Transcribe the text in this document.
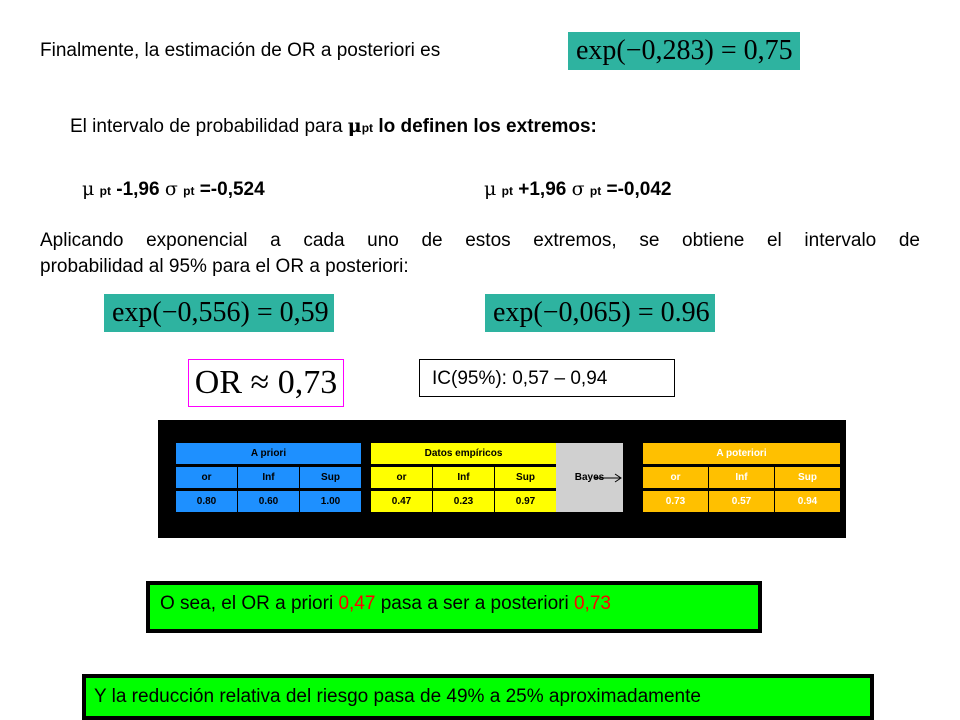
Finalmente, la estimación de OR a posteriori es	exp(−0,283) = 0,75
El intervalo de probabilidad para μpt lo definen los extremos:
μ pt -1,96 σ pt =-0,524	μ pt +1,96 σ pt =-0,042
Aplicando exponencial a cada uno de estos extremos, se obtiene el intervalo de
probabilidad al 95% para el OR a posteriori:
exp(−0,556) = 0,59	exp(−0,065) = 0.96
OR ≈ 0,73	IC(95%): 0,57 – 0,94
A priori	Datos empíricos	A poteriori
Bayes
or	Inf	Sup	or	Inf	Sup	or	Inf	Sup
0.80	0.60	1.00	0.47	0.23	0.97	0.73	0.57	0.94
O sea, el OR a priori 0,47 pasa a ser a posteriori 0,73
Y la reducción relativa del riesgo pasa de 49% a 25% aproximadamente
